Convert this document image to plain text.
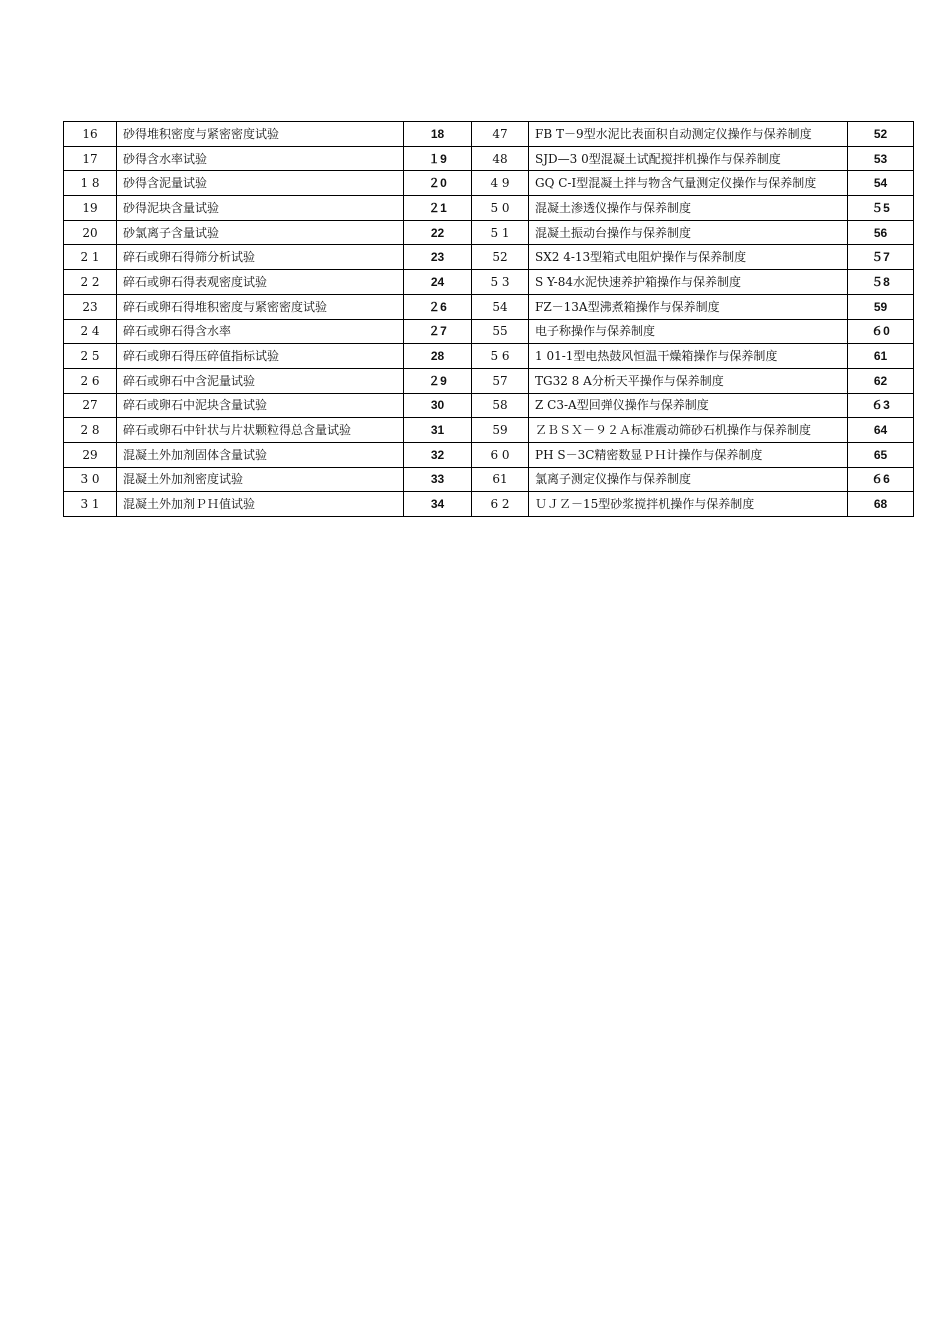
16	砂得堆积密度与紧密密度试验	18	47	FB T－9型水泥比表面积自动测定仪操作与保养制度	52
17	砂得含水率试验	１9	48	SJD—3 0型混凝土试配搅拌机操作与保养制度	53
1 8	砂得含泥量试验	２0	4 9	GQ C-I型混凝土拌与物含气量测定仪操作与保养制度	54
19	砂得泥块含量试验	２1	5 0	混凝土渗透仪操作与保养制度	５5
20	砂氯离子含量试验	22	5 1	混凝土振动台操作与保养制度	56
2 1	碎石或卵石得筛分析试验	23	52	SX2 4-13型箱式电阻炉操作与保养制度	５7
2 2	碎石或卵石得表观密度试验	24	5 3	S Y-84水泥快速养护箱操作与保养制度	５8
23	碎石或卵石得堆积密度与紧密密度试验	２6	54	FZ－13A型沸煮箱操作与保养制度	59
2 4	碎石或卵石得含水率	２7	55	电子称操作与保养制度	６0
2 5	碎石或卵石得压碎值指标试验	28	5 6	1 01-1型电热鼓风恒温干燥箱操作与保养制度	61
2 6	碎石或卵石中含泥量试验	２9	57	TG32 8 A分析天平操作与保养制度	62
27	碎石或卵石中泥块含量试验	30	58	Z C3-A型回弹仪操作与保养制度	６3
2 8	碎石或卵石中针状与片状颗粒得总含量试验	31	59	ＺＢＳＸ－９２Ａ标准震动筛砂石机操作与保养制度	64
29	混凝土外加剂固体含量试验	32	6 0	PH S－3C精密数显ＰＨ计操作与保养制度	65
3 0	混凝土外加剂密度试验	33	61	氯离子测定仪操作与保养制度	６6
3 1	混凝土外加剂ＰＨ值试验	34	6 2	ＵＪＺ－15型砂浆搅拌机操作与保养制度	68
